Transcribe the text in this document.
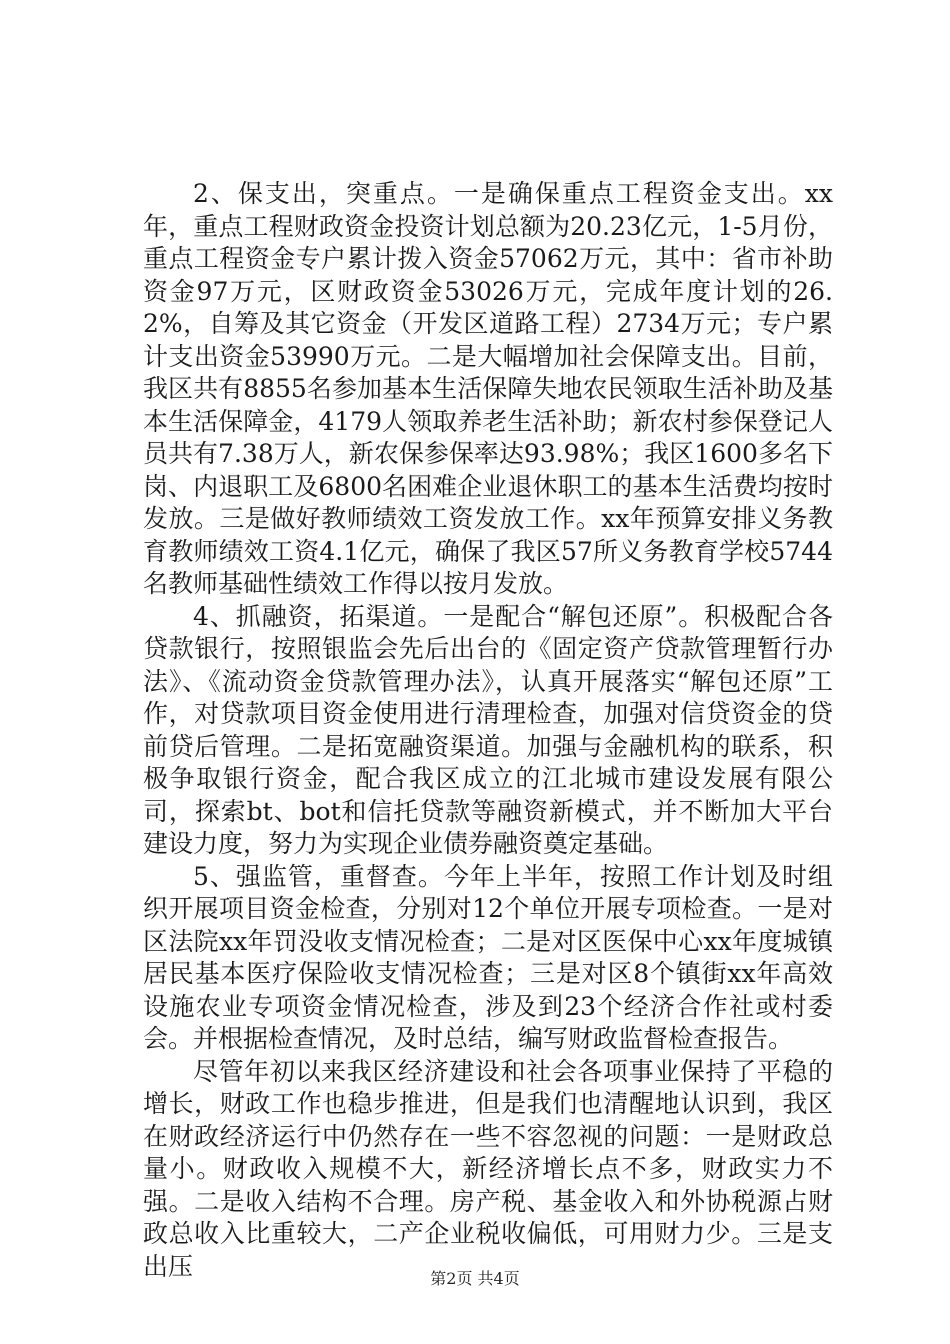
2、保支出，突重点。一是确保重点工程资金支出。xx年，重点工程财政资金投资计划总额为20.23亿元，1-5月份，重点工程资金专户累计拨入资金57062万元，其中：省市补助资金97万元，区财政资金53026万元，完成年度计划的26.2%，自筹及其它资金（开发区道路工程）2734万元；专户累计支出资金53990万元。二是大幅增加社会保障支出。目前，我区共有8855名参加基本生活保障失地农民领取生活补助及基本生活保障金，4179人领取养老生活补助；新农村参保登记人员共有7.38万人，新农保参保率达93.98%；我区1600多名下岗、内退职工及6800名困难企业退休职工的基本生活费均按时发放。三是做好教师绩效工资发放工作。xx年预算安排义务教育教师绩效工资4.1亿元，确保了我区57所义务教育学校5744名教师基础性绩效工作得以按月发放。

4、抓融资，拓渠道。一是配合“解包还原”。积极配合各贷款银行，按照银监会先后出台的《固定资产贷款管理暂行办法》、《流动资金贷款管理办法》，认真开展落实“解包还原”工作，对贷款项目资金使用进行清理检查，加强对信贷资金的贷前贷后管理。二是拓宽融资渠道。加强与金融机构的联系，积极争取银行资金，配合我区成立的江北城市建设发展有限公司，探索bt、bot和信托贷款等融资新模式，并不断加大平台建设力度，努力为实现企业债券融资奠定基础。

5、强监管，重督查。今年上半年，按照工作计划及时组织开展项目资金检查，分别对12个单位开展专项检查。一是对区法院xx年罚没收支情况检查；二是对区医保中心xx年度城镇居民基本医疗保险收支情况检查；三是对区8个镇街xx年高效设施农业专项资金情况检查，涉及到23个经济合作社或村委会。并根据检查情况，及时总结，编写财政监督检查报告。

尽管年初以来我区经济建设和社会各项事业保持了平稳的增长，财政工作也稳步推进，但是我们也清醒地认识到，我区在财政经济运行中仍然存在一些不容忽视的问题：一是财政总量小。财政收入规模不大，新经济增长点不多，财政实力不强。二是收入结构不合理。房产税、基金收入和外协税源占财政总收入比重较大，二产企业税收偏低，可用财力少。三是支出压	第2页 共4页
